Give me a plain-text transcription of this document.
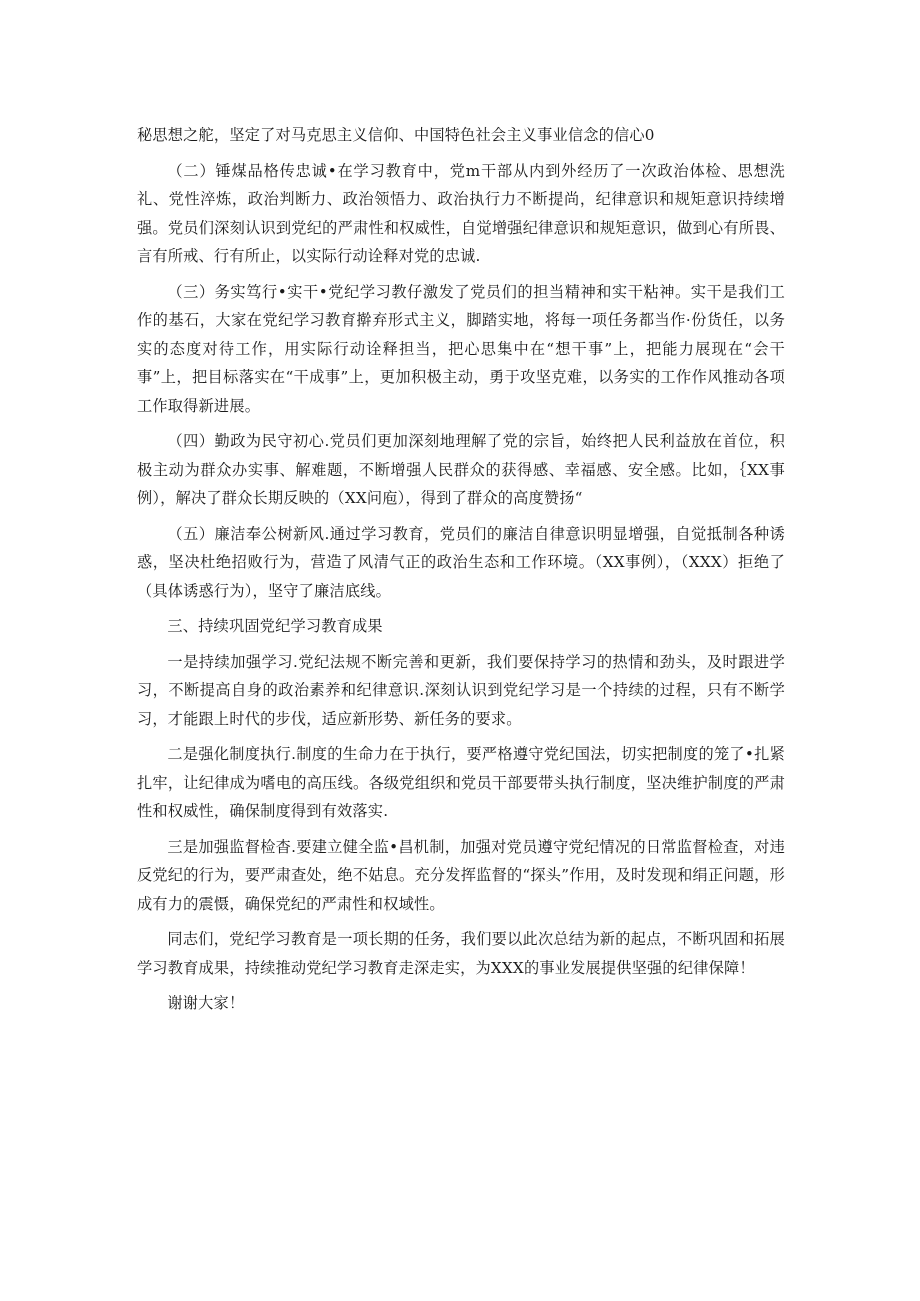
秘思想之舵，坚定了对马克思主义信仰、中国特色社会主义事业信念的信心0

（二）锤煤品格传忠诚•在学习教育中，党m干部从内到外经历了一次政治体检、思想洗礼、党性淬炼，政治判断力、政治领悟力、政治执行力不断提尚，纪律意识和规矩意识持续增强。党员们深刻认识到党纪的严肃性和权威性，自觉增强纪律意识和规矩意识，做到心有所畏、言有所戒、行有所止，以实际行动诠释对党的忠诚.

（三）务实笃行•实干•党纪学习教仔激发了党员们的担当精神和实干粘神。实干是我们工作的基石，大家在党纪学习教育擀弃形式主义，脚踏实地，将每一项任务都当作·份货任，以务实的态度对待工作，用实际行动诠释担当，把心思集中在“想干事”上，把能力展现在“会干事”上，把目标落实在“干成事”上，更加积极主动，勇于攻坚克难，以务实的工作作风推动各项工作取得新进展。

（四）勤政为民守初心.党员们更加深刻地理解了党的宗旨，始终把人民利益放在首位，积极主动为群众办实事、解难题，不断增强人民群众的获得感、幸福感、安全感。比如，｛XX事例），解决了群众长期反映的（XX问庖），得到了群众的高度赞扬“

（五）廉洁奉公树新风.通过学习教育，党员们的廉洁自律意识明显增强，自觉抵制各种诱惑，坚决杜绝招败行为，营造了风清气正的政治生态和工作环境。（XX事例），（XXX）拒绝了（具体诱惑行为），坚守了廉洁底线。

三、持续巩固党纪学习教育成果

一是持续加强学习.党纪法规不断完善和更新，我们要保持学习的热情和劲头，及时跟进学习，不断提高自身的政治素养和纪律意识.深刻认识到党纪学习是一个持续的过程，只有不断学习，才能跟上时代的步伐，适应新形势、新任务的要求。

二是强化制度执行.制度的生命力在于执行，要严格遵守党纪国法，切实把制度的笼了•扎紧扎牢，让纪律成为嗜电的高压线。各级党组织和党员干部要带头执行制度，坚决维护制度的严肃性和权威性，确保制度得到有效落实.

三是加强监督检杳.要建立健全监•昌机制，加强对党员遵守党纪情况的日常监督检查，对违反党纪的行为，要严肃查处，绝不姑息。充分发挥监督的“探头”作用，及时发现和绢正问题，形成有力的震慑，确保党纪的严肃性和权域性。

同志们，党纪学习教育是一项长期的任务，我们要以此次总结为新的起点，不断巩固和拓展学习教育成果，持续推动党纪学习教育走深走实，为XXX的事业发展提供坚强的纪律保障！

谢谢大家！
